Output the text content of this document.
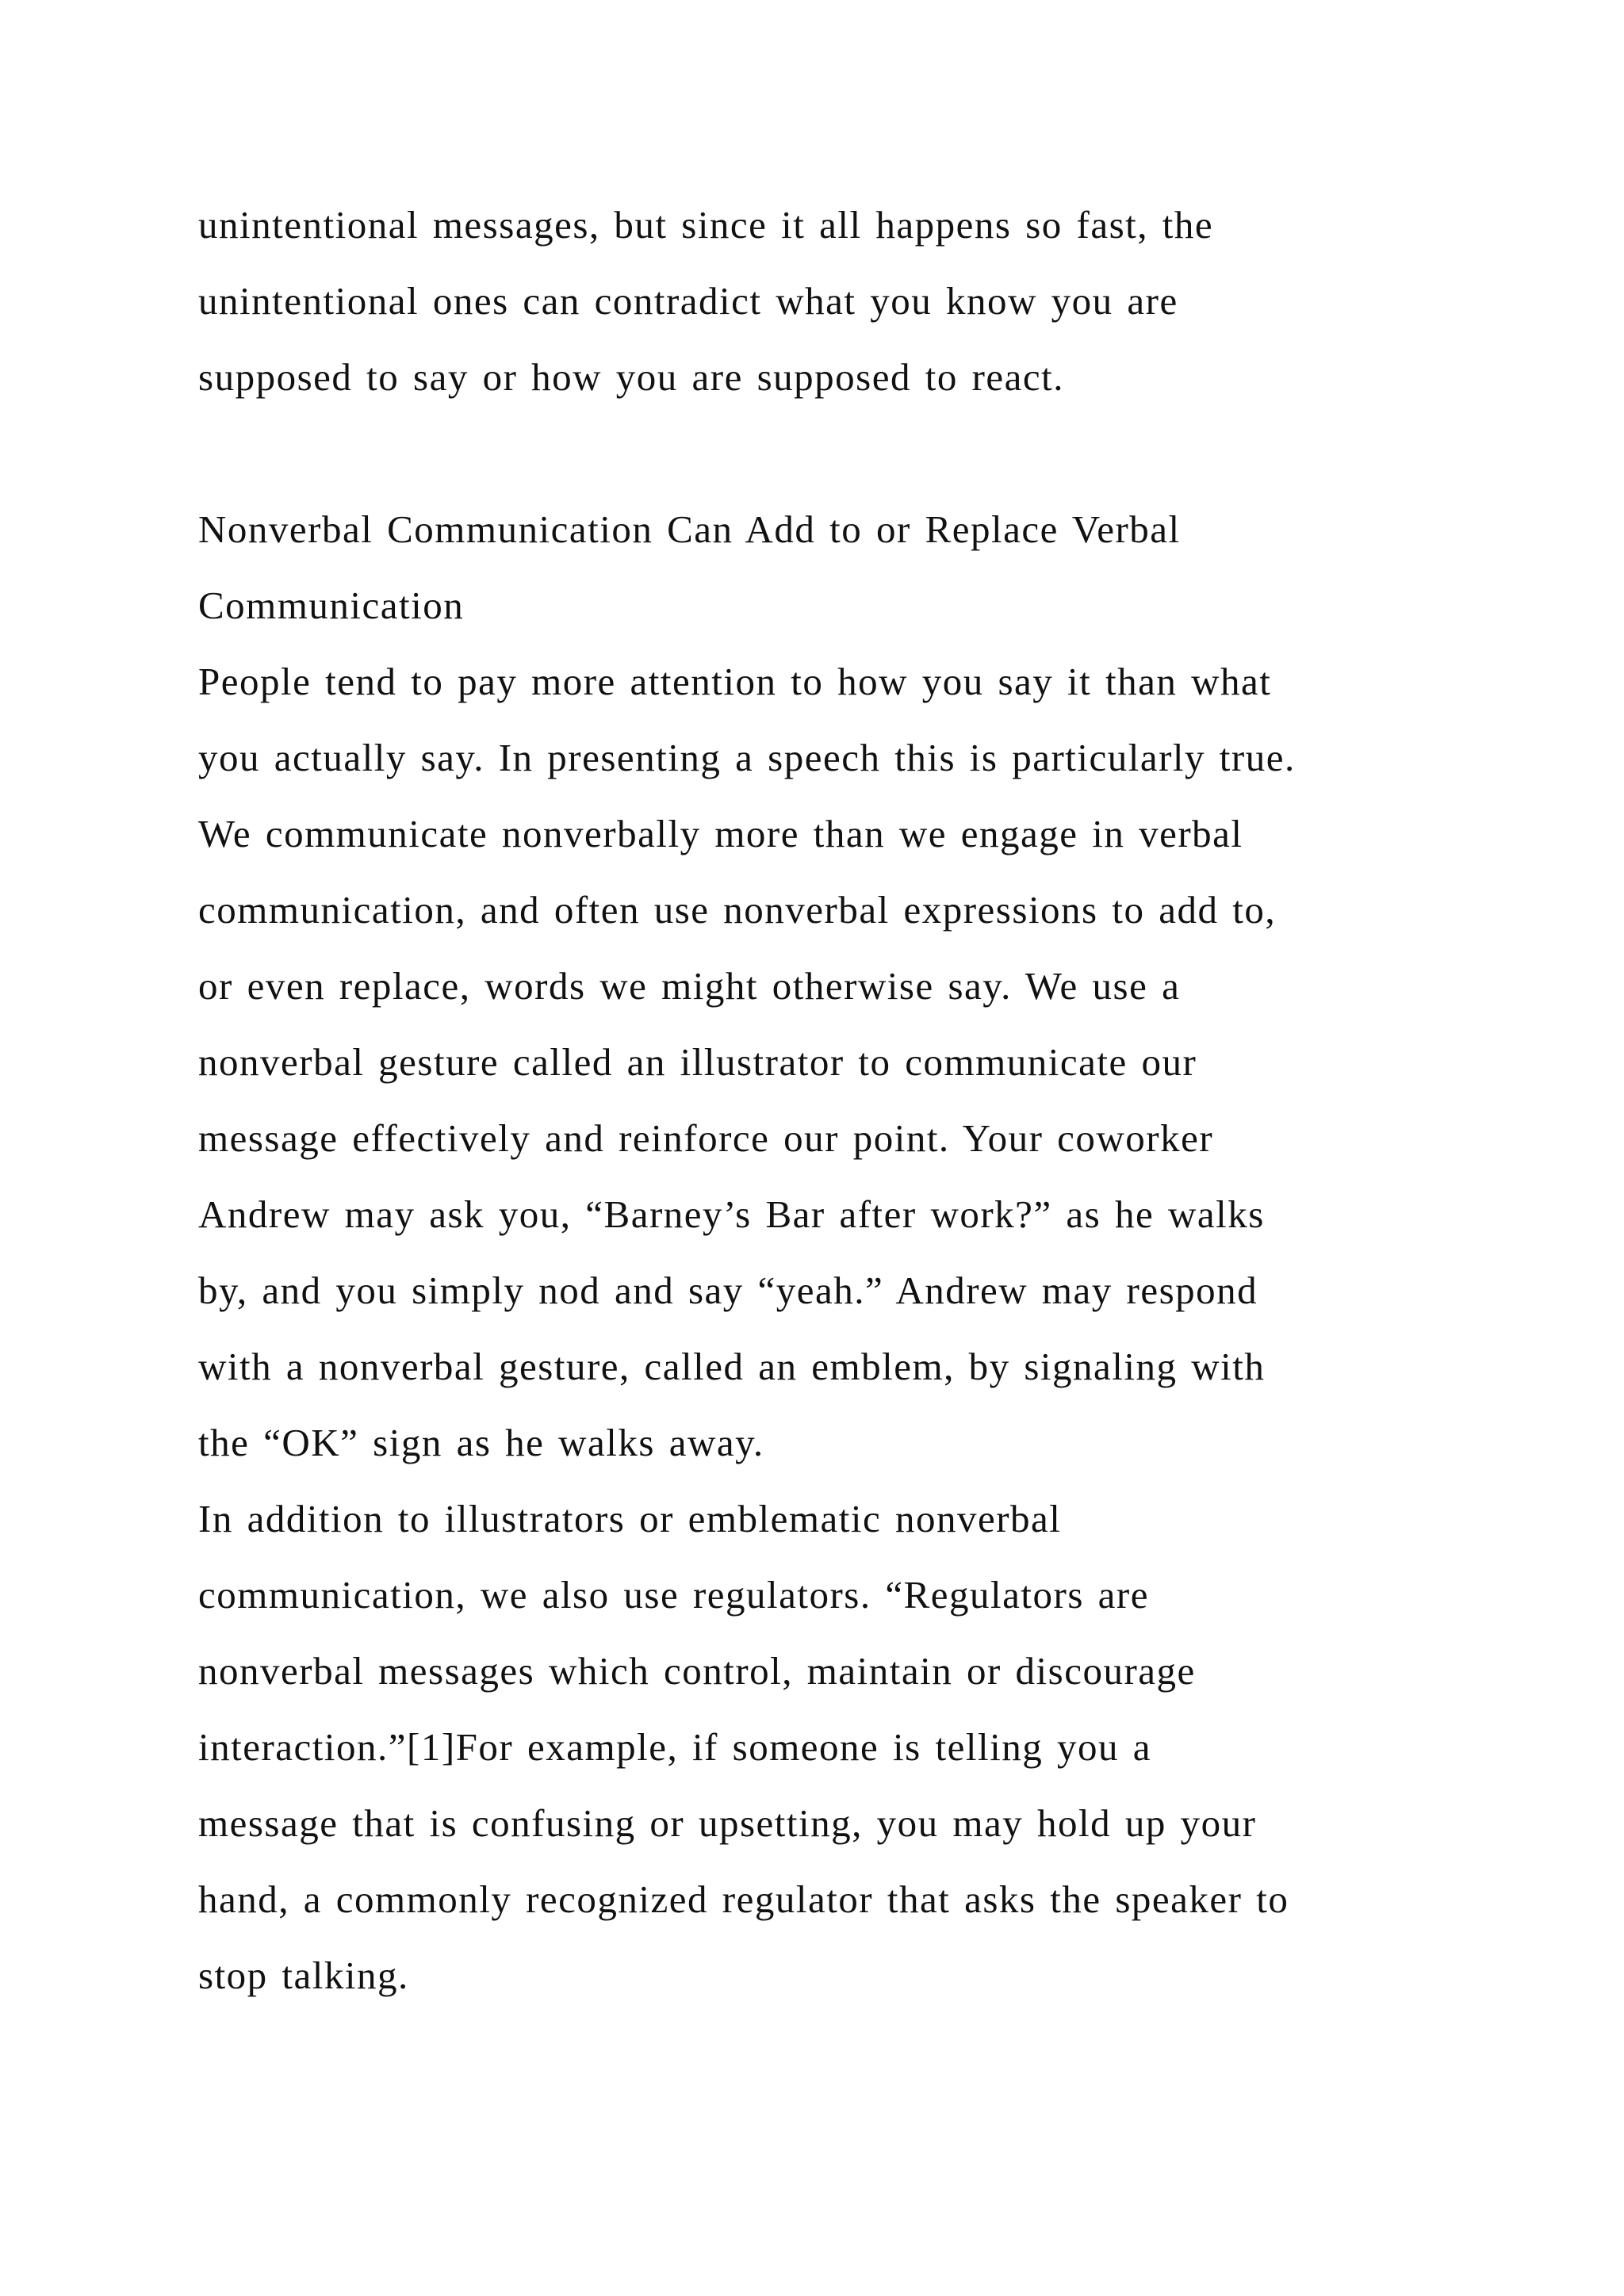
unintentional messages, but since it all happens so fast, the
unintentional ones can contradict what you know you are
supposed to say or how you are supposed to react.
Nonverbal Communication Can Add to or Replace Verbal
Communication
People tend to pay more attention to how you say it than what
you actually say. In presenting a speech this is particularly true.
We communicate nonverbally more than we engage in verbal
communication, and often use nonverbal expressions to add to,
or even replace, words we might otherwise say. We use a
nonverbal gesture called an illustrator to communicate our
message effectively and reinforce our point. Your coworker
Andrew may ask you, “Barney’s Bar after work?” as he walks
by, and you simply nod and say “yeah.” Andrew may respond
with a nonverbal gesture, called an emblem, by signaling with
the “OK” sign as he walks away.
In addition to illustrators or emblematic nonverbal
communication, we also use regulators. “Regulators are
nonverbal messages which control, maintain or discourage
interaction.”[1]For example, if someone is telling you a
message that is confusing or upsetting, you may hold up your
hand, a commonly recognized regulator that asks the speaker to
stop talking.
